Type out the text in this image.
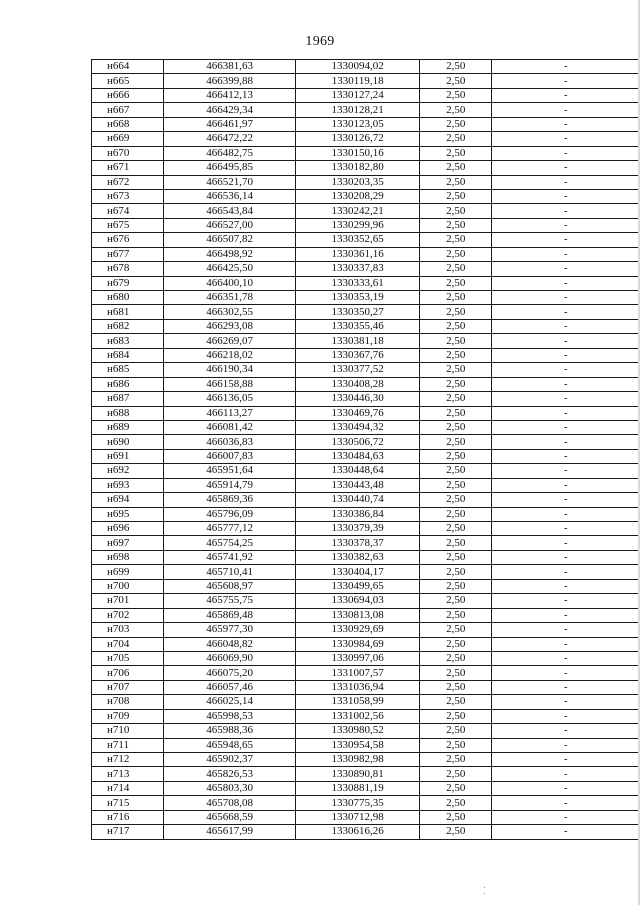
1969
н664	466381,63	1330094,02	2,50	-
н665	466399,88	1330119,18	2,50	-
н666	466412,13	1330127,24	2,50	-
н667	466429,34	1330128,21	2,50	-
н668	466461,97	1330123,05	2,50	-
н669	466472,22	1330126,72	2,50	-
н670	466482,75	1330150,16	2,50	-
н671	466495,85	1330182,80	2,50	-
н672	466521,70	1330203,35	2,50	-
н673	466536,14	1330208,29	2,50	-
н674	466543,84	1330242,21	2,50	-
н675	466527,00	1330299,96	2,50	-
н676	466507,82	1330352,65	2,50	-
н677	466498,92	1330361,16	2,50	-
н678	466425,50	1330337,83	2,50	-
н679	466400,10	1330333,61	2,50	-
н680	466351,78	1330353,19	2,50	-
н681	466302,55	1330350,27	2,50	-
н682	466293,08	1330355,46	2,50	-
н683	466269,07	1330381,18	2,50	-
н684	466218,02	1330367,76	2,50	-
н685	466190,34	1330377,52	2,50	-
н686	466158,88	1330408,28	2,50	-
н687	466136,05	1330446,30	2,50	-
н688	466113,27	1330469,76	2,50	-
н689	466081,42	1330494,32	2,50	-
н690	466036,83	1330506,72	2,50	-
н691	466007,83	1330484,63	2,50	-
н692	465951,64	1330448,64	2,50	-
н693	465914,79	1330443,48	2,50	-
н694	465869,36	1330440,74	2,50	-
н695	465796,09	1330386,84	2,50	-
н696	465777,12	1330379,39	2,50	-
н697	465754,25	1330378,37	2,50	-
н698	465741,92	1330382,63	2,50	-
н699	465710,41	1330404,17	2,50	-
н700	465608,97	1330499,65	2,50	-
н701	465755,75	1330694,03	2,50	-
н702	465869,48	1330813,08	2,50	-
н703	465977,30	1330929,69	2,50	-
н704	466048,82	1330984,69	2,50	-
н705	466069,90	1330997,06	2,50	-
н706	466075,20	1331007,57	2,50	-
н707	466057,46	1331036,94	2,50	-
н708	466025,14	1331058,99	2,50	-
н709	465998,53	1331002,56	2,50	-
н710	465988,36	1330980,52	2,50	-
н711	465948,65	1330954,58	2,50	-
н712	465902,37	1330982,98	2,50	-
н713	465826,53	1330890,81	2,50	-
н714	465803,30	1330881,19	2,50	-
н715	465708,08	1330775,35	2,50	-
н716	465668,59	1330712,98	2,50	-
н717	465617,99	1330616,26	2,50	-
